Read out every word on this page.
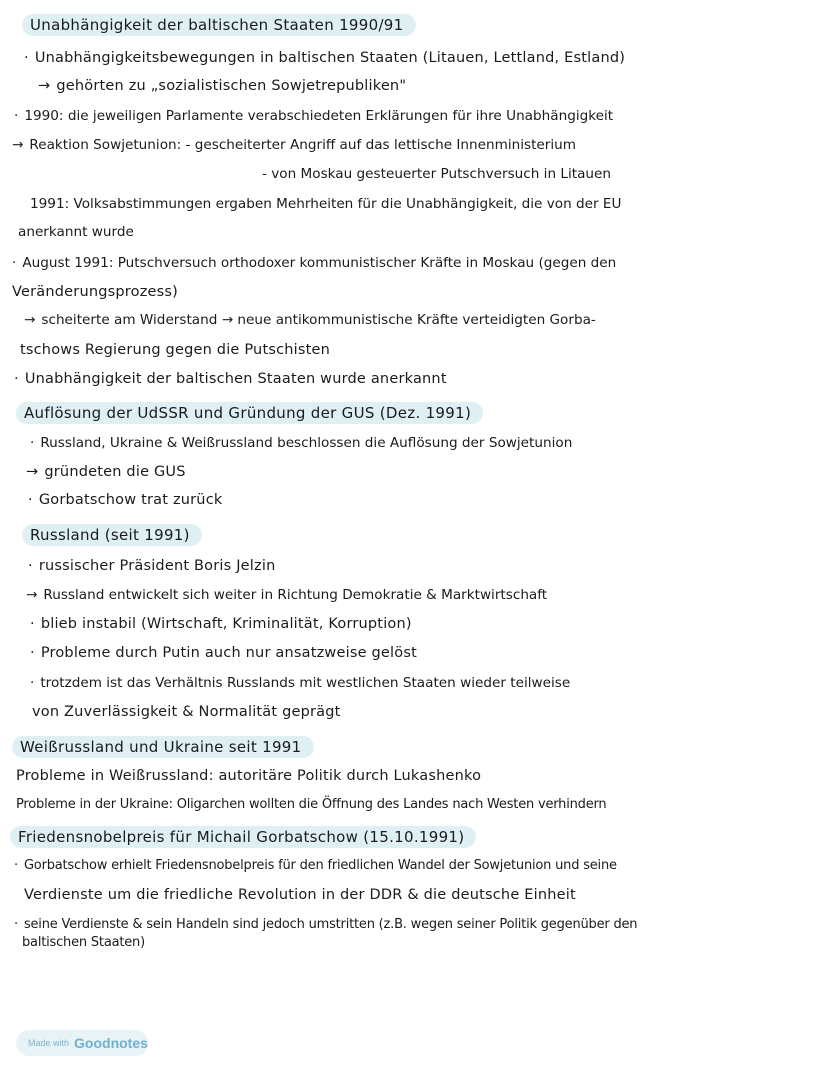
Unabhängigkeit der baltischen Staaten 1990/91
· Unabhängigkeitsbewegungen in baltischen Staaten (Litauen, Lettland, Estland)
→ gehörten zu „sozialistischen Sowjetrepubliken"
· 1990: die jeweiligen Parlamente verabschiedeten Erklärungen für ihre Unabhängigkeit
→ Reaktion Sowjetunion: - gescheiterter Angriff auf das lettische Innenministerium
- von Moskau gesteuerter Putschversuch in Litauen
1991: Volksabstimmungen ergaben Mehrheiten für die Unabhängigkeit, die von der EU
anerkannt wurde
· August 1991: Putschversuch orthodoxer kommunistischer Kräfte in Moskau (gegen den
Veränderungsprozess)
→ scheiterte am Widerstand → neue antikommunistische Kräfte verteidigten Gorba-
tschows Regierung gegen die Putschisten
· Unabhängigkeit der baltischen Staaten wurde anerkannt
Auflösung der UdSSR und Gründung der GUS (Dez. 1991)
· Russland, Ukraine & Weißrussland beschlossen die Auflösung der Sowjetunion
→ gründeten die GUS
· Gorbatschow trat zurück
Russland (seit 1991)
· russischer Präsident Boris Jelzin
→ Russland entwickelt sich weiter in Richtung Demokratie & Marktwirtschaft
· blieb instabil (Wirtschaft, Kriminalität, Korruption)
· Probleme durch Putin auch nur ansatzweise gelöst
· trotzdem ist das Verhältnis Russlands mit westlichen Staaten wieder teilweise
von Zuverlässigkeit & Normalität geprägt
Weißrussland und Ukraine seit 1991
Probleme in Weißrussland: autoritäre Politik durch Lukashenko
Probleme in der Ukraine: Oligarchen wollten die Öffnung des Landes nach Westen verhindern
Friedensnobelpreis für Michail Gorbatschow (15.10.1991)
· Gorbatschow erhielt Friedensnobelpreis für den friedlichen Wandel der Sowjetunion und seine
Verdienste um die friedliche Revolution in der DDR & die deutsche Einheit
· seine Verdienste & sein Handeln sind jedoch umstritten (z.B. wegen seiner Politik gegenüber den
baltischen Staaten)
Made with Goodnotes
